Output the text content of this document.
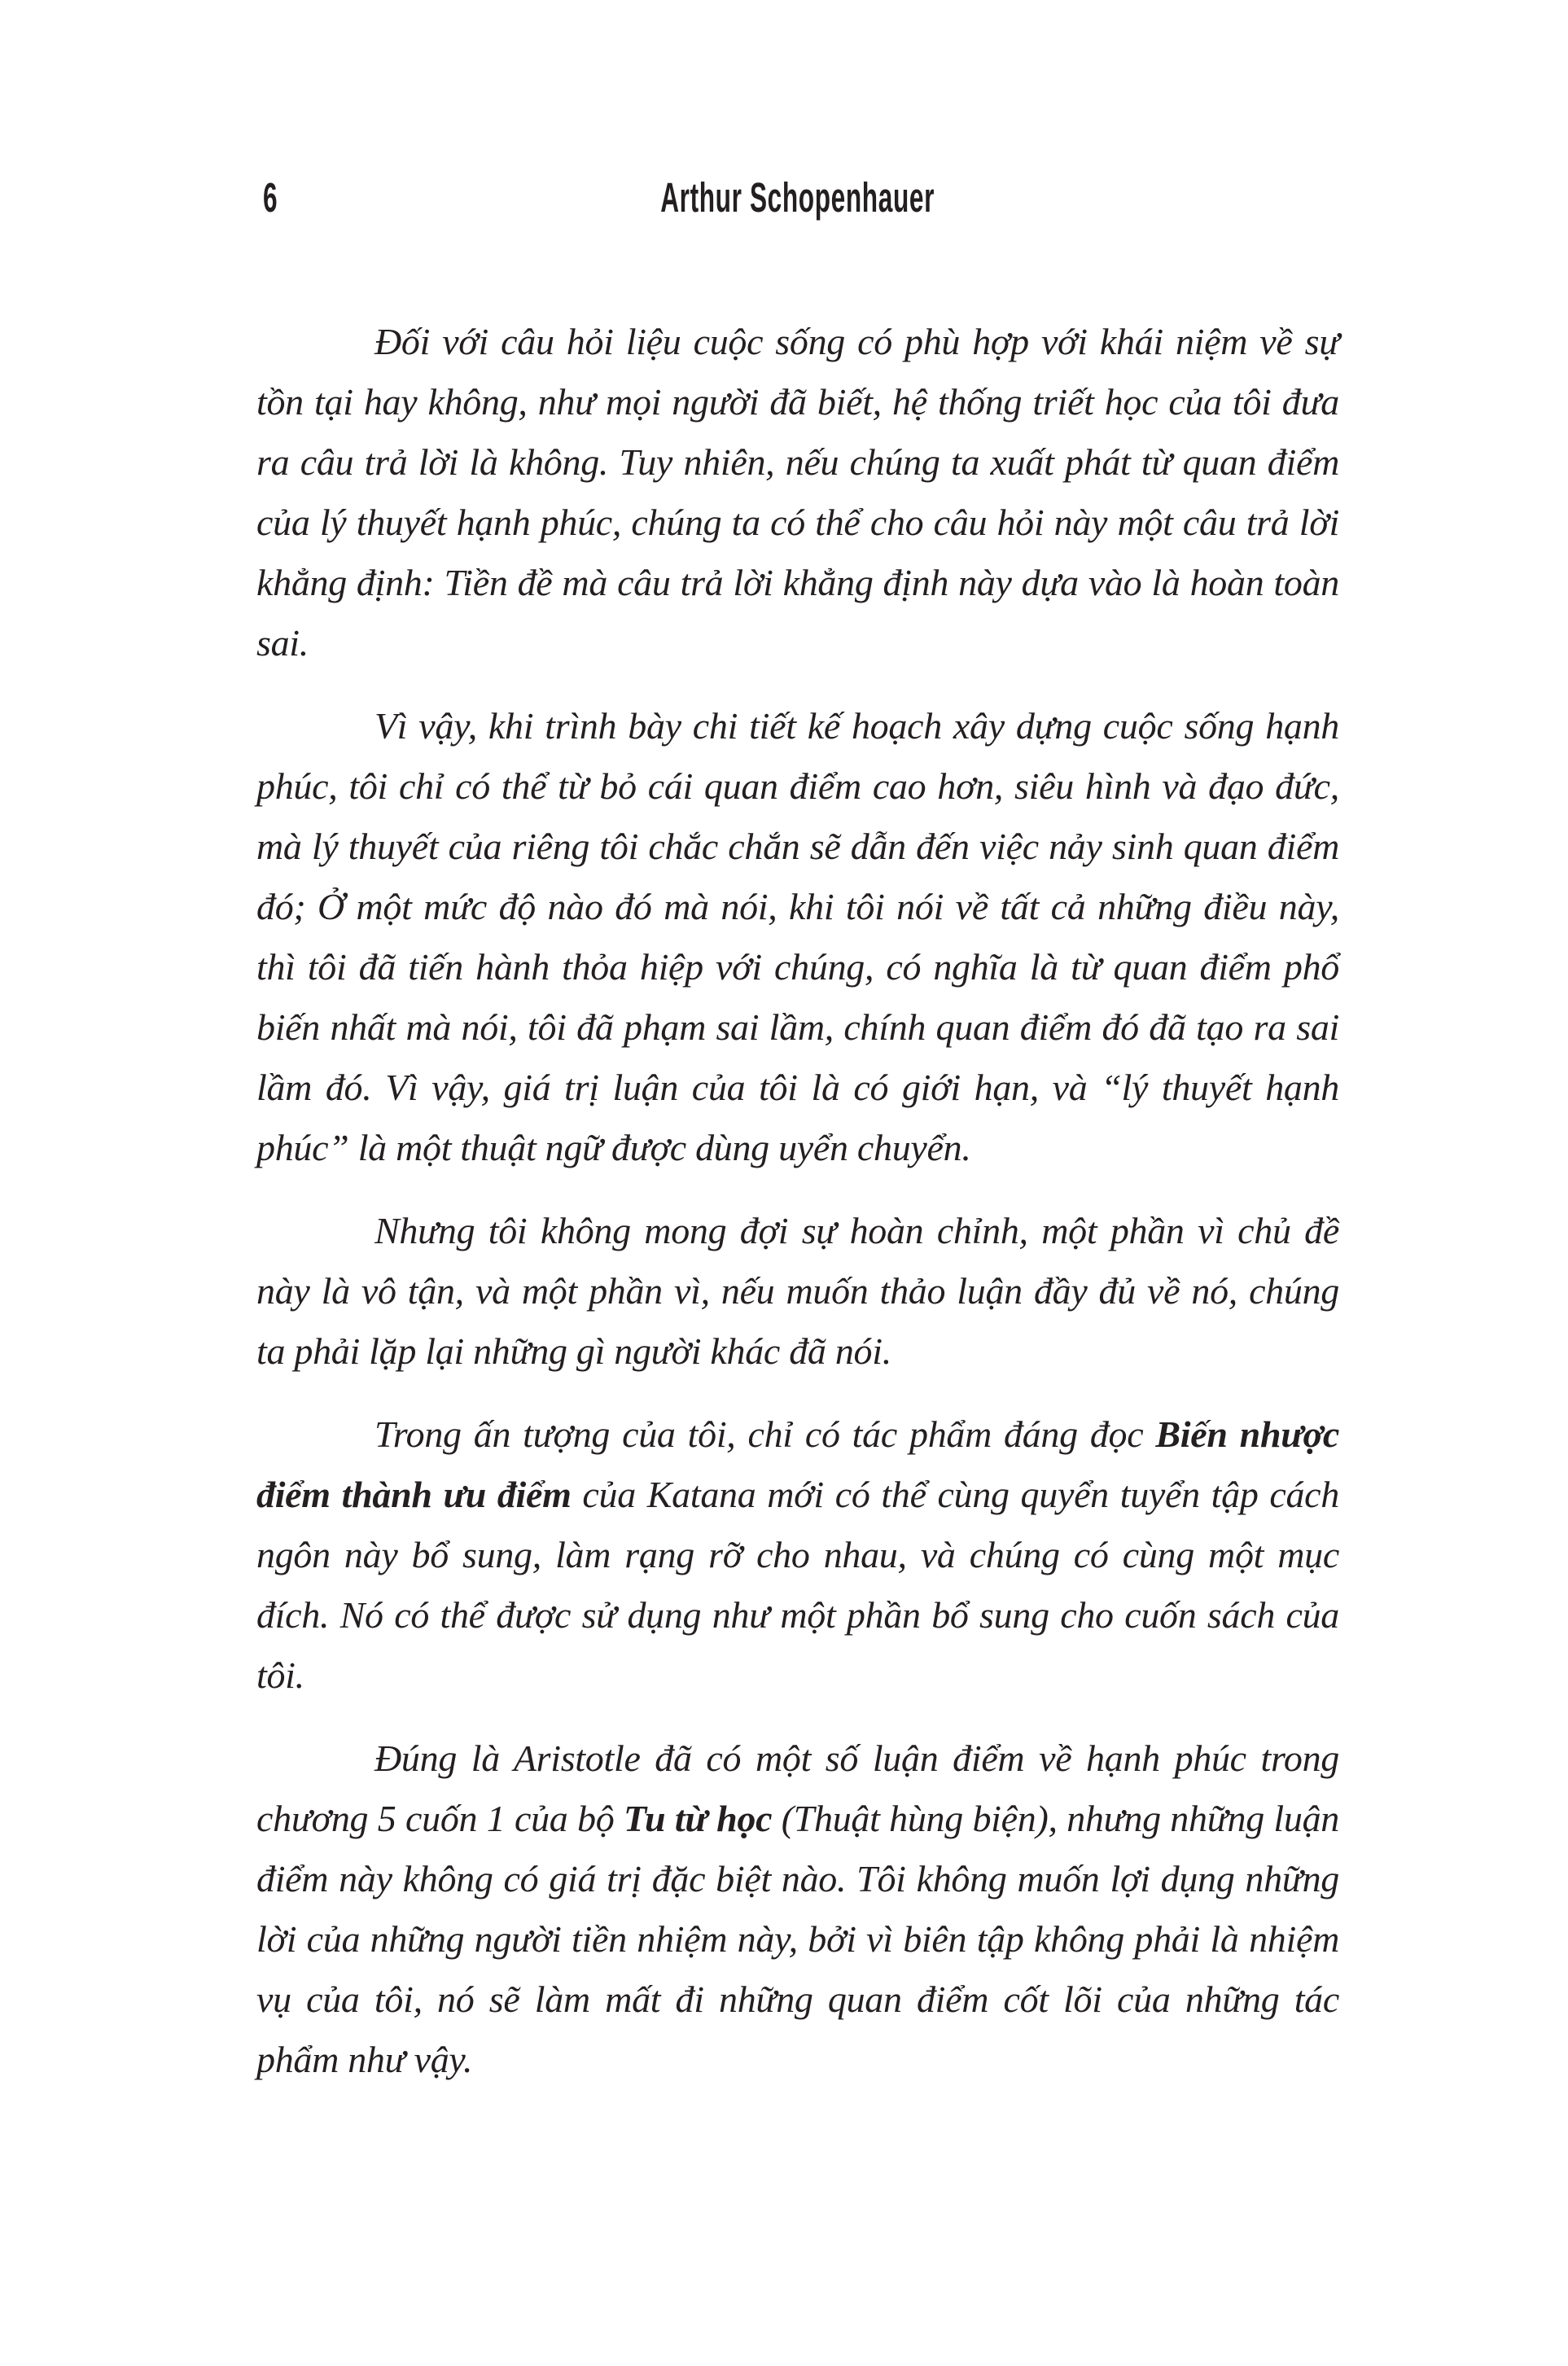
6	Arthur Schopenhauer

Đối với câu hỏi liệu cuộc sống có phù hợp với khái niệm về sự tồn tại hay không, như mọi người đã biết, hệ thống triết học của tôi đưa ra câu trả lời là không. Tuy nhiên, nếu chúng ta xuất phát từ quan điểm của lý thuyết hạnh phúc, chúng ta có thể cho câu hỏi này một câu trả lời khẳng định: Tiền đề mà câu trả lời khẳng định này dựa vào là hoàn toàn sai.

Vì vậy, khi trình bày chi tiết kế hoạch xây dựng cuộc sống hạnh phúc, tôi chỉ có thể từ bỏ cái quan điểm cao hơn, siêu hình và đạo đức, mà lý thuyết của riêng tôi chắc chắn sẽ dẫn đến việc nảy sinh quan điểm đó; Ở một mức độ nào đó mà nói, khi tôi nói về tất cả những điều này, thì tôi đã tiến hành thỏa hiệp với chúng, có nghĩa là từ quan điểm phổ biến nhất mà nói, tôi đã phạm sai lầm, chính quan điểm đó đã tạo ra sai lầm đó. Vì vậy, giá trị luận của tôi là có giới hạn, và “lý thuyết hạnh phúc” là một thuật ngữ được dùng uyển chuyển.

Nhưng tôi không mong đợi sự hoàn chỉnh, một phần vì chủ đề này là vô tận, và một phần vì, nếu muốn thảo luận đầy đủ về nó, chúng ta phải lặp lại những gì người khác đã nói.

Trong ấn tượng của tôi, chỉ có tác phẩm đáng đọc Biến nhược điểm thành ưu điểm của Katana mới có thể cùng quyển tuyển tập cách ngôn này bổ sung, làm rạng rỡ cho nhau, và chúng có cùng một mục đích. Nó có thể được sử dụng như một phần bổ sung cho cuốn sách của tôi.

Đúng là Aristotle đã có một số luận điểm về hạnh phúc trong chương 5 cuốn 1 của bộ Tu từ học (Thuật hùng biện), nhưng những luận điểm này không có giá trị đặc biệt nào. Tôi không muốn lợi dụng những lời của những người tiền nhiệm này, bởi vì biên tập không phải là nhiệm vụ của tôi, nó sẽ làm mất đi những quan điểm cốt lõi của những tác phẩm như vậy.
